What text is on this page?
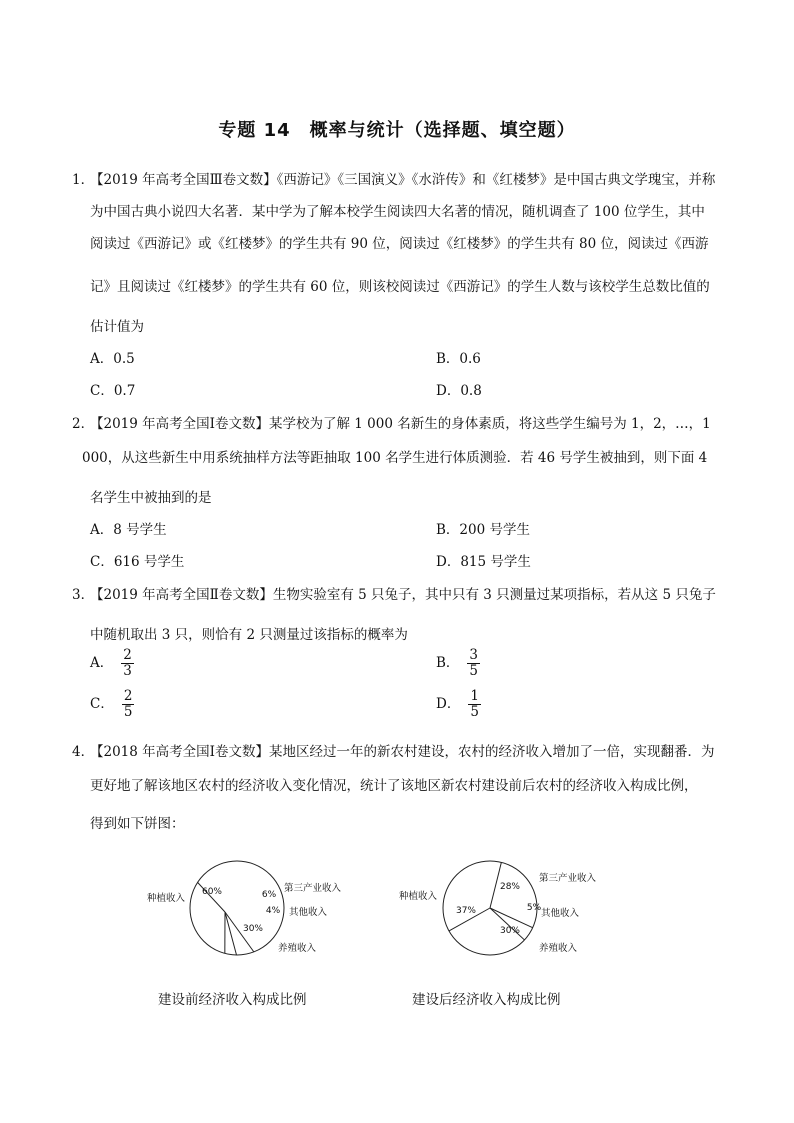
专题 14　概率与统计（选择题、填空题）
1．
【2019 年高考全国Ⅲ卷文数】《西游记》《三国演义》《水浒传》和《红楼梦》是中国古典文学瑰宝，并称
为中国古典小说四大名著．某中学为了解本校学生阅读四大名著的情况，随机调查了 100 位学生，其中
阅读过《西游记》或《红楼梦》的学生共有 90 位，阅读过《红楼梦》的学生共有 80 位，阅读过《西游
记》且阅读过《红楼梦》的学生共有 60 位，则该校阅读过《西游记》的学生人数与该校学生总数比值的
估计值为
A．0.5	B．0.6
C．0.7	D．0.8
2．
【2019 年高考全国Ⅰ卷文数】某学校为了解 1 000 名新生的身体素质，将这些学生编号为 1，2，…，1
000，从这些新生中用系统抽样方法等距抽取 100 名学生进行体质测验．若 46 号学生被抽到，则下面 4
名学生中被抽到的是
A．8 号学生	B．200 号学生
C．616 号学生	D．815 号学生
3．
【2019 年高考全国Ⅱ卷文数】生物实验室有 5 只兔子，其中只有 3 只测量过某项指标，若从这 5 只兔子
中随机取出 3 只，则恰有 2 只测量过该指标的概率为
A． $\frac{2}{3}$	B． $\frac{3}{5}$
C． $\frac{2}{5}$	D． $\frac{1}{5}$
4．
【2018 年高考全国Ⅰ卷文数】某地区经过一年的新农村建设，农村的经济收入增加了一倍，实现翻番．为
更好地了解该地区农村的经济收入变化情况，统计了该地区新农村建设前后农村的经济收入构成比例，
得到如下饼图：
60%	6%
4%
30%
种植收入
第三产业收入
其他收入
养殖收入
28%
5%
30%
37%
第三产业收入
其他收入
养殖收入
种植收入
建设前经济收入构成比例	建设后经济收入构成比例
